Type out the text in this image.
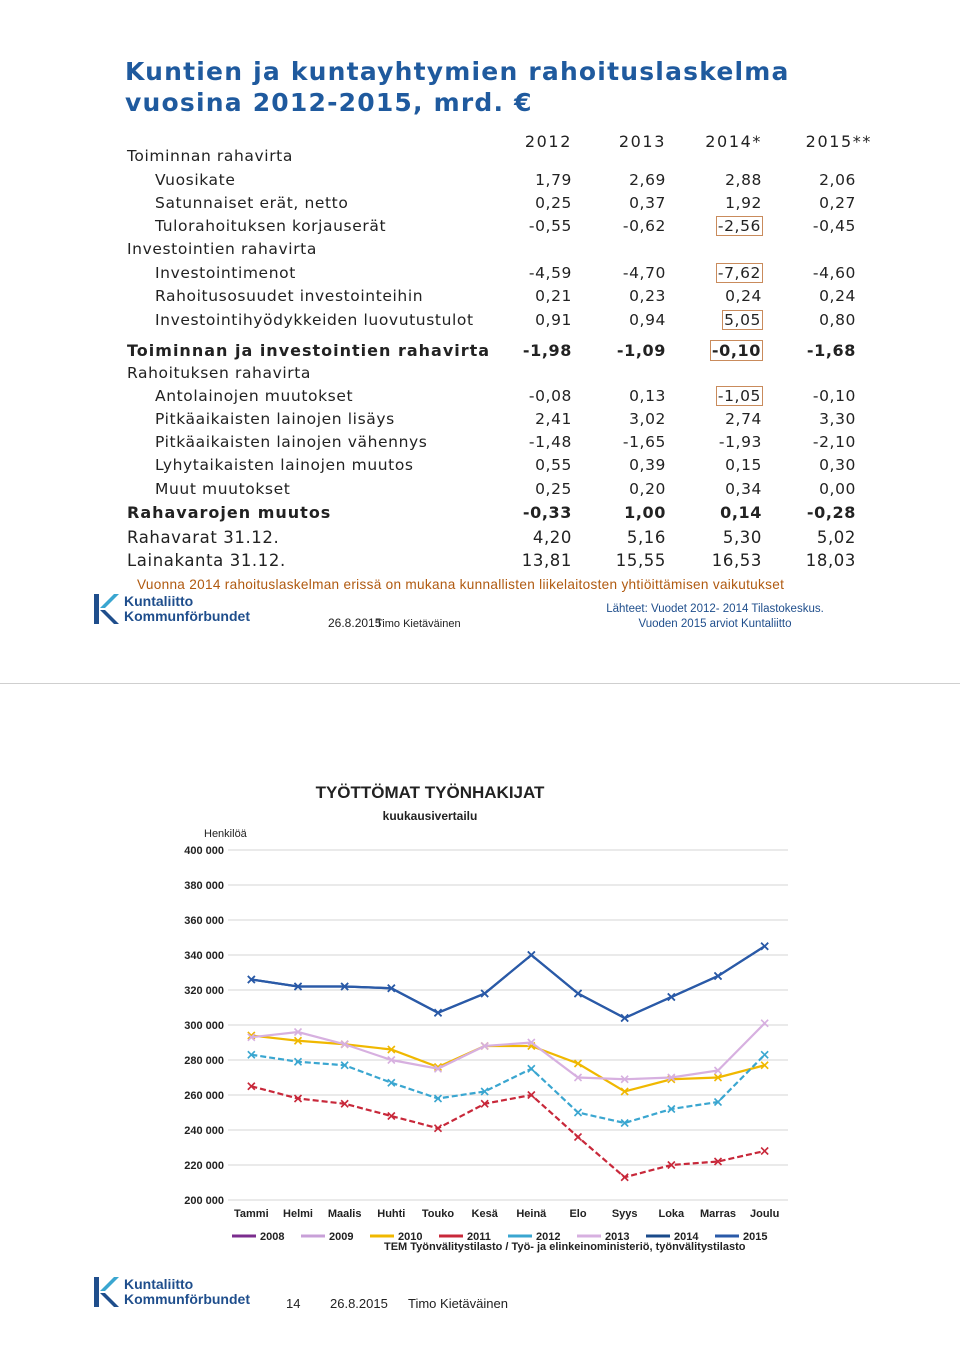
Kuntien ja kuntayhtymien rahoituslaskelma vuosina 2012-2015, mrd. €
2012	2013	2014*	2015**
Toiminnan rahavirta
Vuosikate	1,79	2,69	2,88	2,06
Satunnaiset erät, netto	0,25	0,37	1,92	0,27
Tulorahoituksen korjauserät	-0,55	-0,62	-2,56	-0,45
Investointien rahavirta
Investointimenot	-4,59	-4,70	-7,62	-4,60
Rahoitusosuudet investointeihin	0,21	0,23	0,24	0,24
Investointihyödykkeiden luovutustulot	0,91	0,94	5,05	0,80
Toiminnan ja investointien rahavirta	-1,98	-1,09	-0,10	-1,68
Rahoituksen rahavirta
Antolainojen muutokset	-0,08	0,13	-1,05	-0,10
Pitkäaikaisten lainojen lisäys	2,41	3,02	2,74	3,30
Pitkäaikaisten lainojen vähennys	-1,48	-1,65	-1,93	-2,10
Lyhytaikaisten lainojen muutos	0,55	0,39	0,15	0,30
Muut muutokset	0,25	0,20	0,34	0,00
Rahavarojen muutos	-0,33	1,00	0,14	-0,28
Rahavarat 31.12.	4,20	5,16	5,30	5,02
Lainakanta 31.12.	13,81	15,55	16,53	18,03
Vuonna 2014 rahoituslaskelman erissä on mukana kunnallisten liikelaitosten yhtiöittämisen vaikutukset
Kuntaliitto
Kommunförbundet	26.8.2015
Timo Kietäväinen
Lähteet: Vuodet 2012- 2014 Tilastokeskus.
Vuoden 2015 arviot Kuntaliitto
TYÖTTÖMAT TYÖNHAKIJAT
kuukausivertailu
Henkilöä
400 000
380 000
360 000
340 000
320 000
300 000
280 000
260 000
240 000
220 000
200 000
Tammi Helmi Maalis Huhti Touko Kesä Heinä Elo Syys Loka Marras Joulu
2008	2009	2010	2011	2012	2013	2014	2015
TEM Työnvälitystilasto / Työ- ja elinkeinoministeriö, työnvälitystilasto
Kuntaliitto
Kommunförbundet	14 26.8.2015 Timo Kietäväinen
